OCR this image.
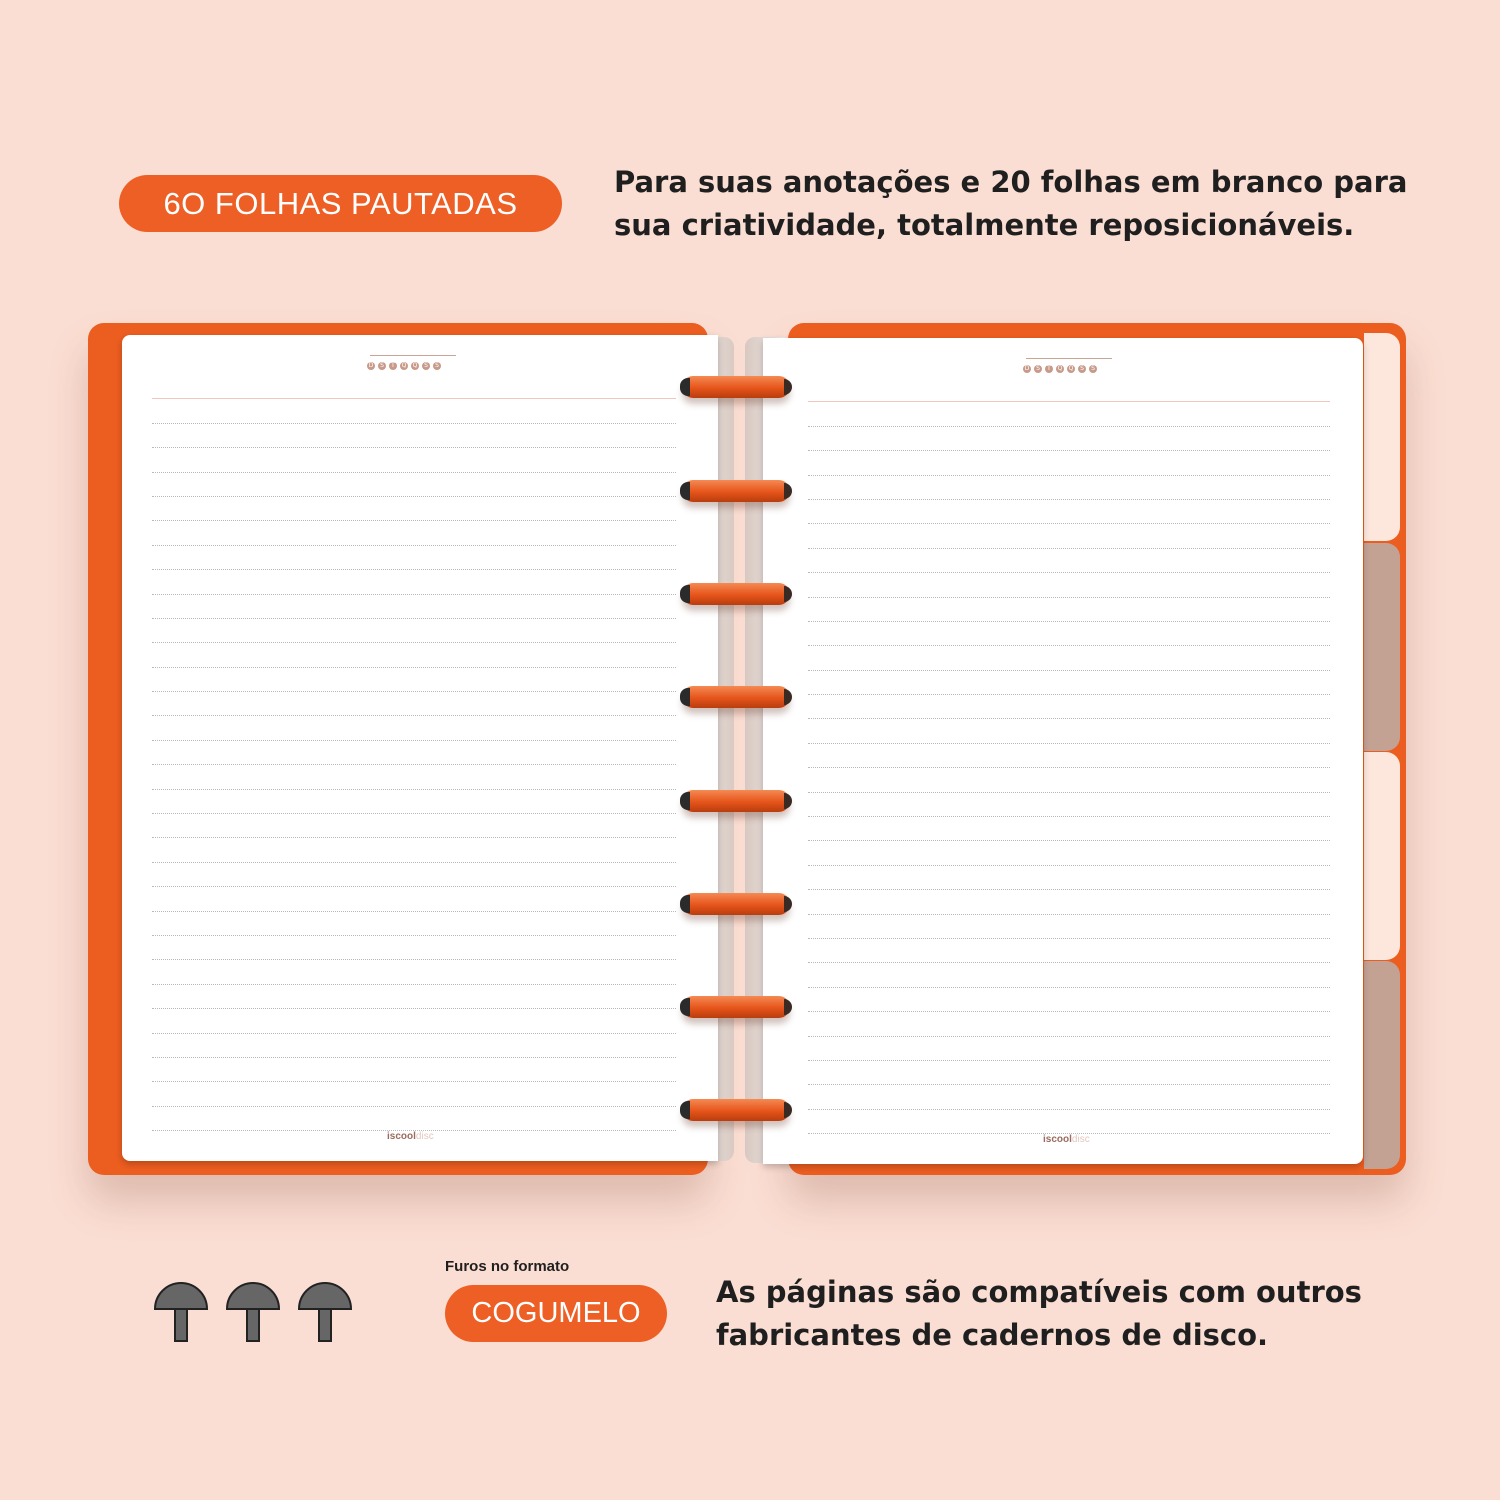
6O FOLHAS PAUTADAS

Para suas anotações e 20 folhas em branco para sua criatividade, totalmente reposicionáveis.

D	S	T	Q Q	S	S
iscooldisc
D	S	T	Q Q	S	S
iscooldisc
Furos no formato
COGUMELO

As páginas são compatíveis com outros fabricantes de cadernos de disco.
